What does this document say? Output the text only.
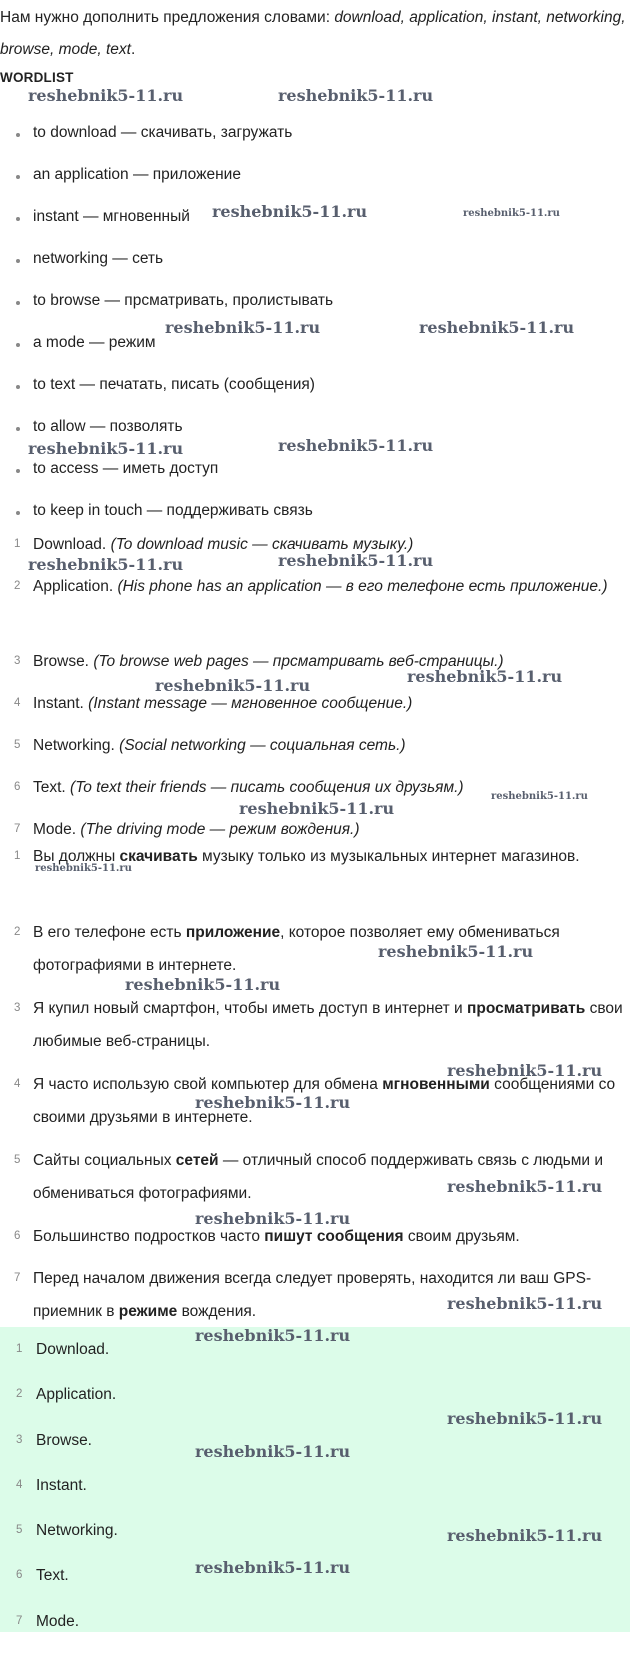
Нам нужно дополнить предложения словами: download, application, instant, networking, browse, mode, text.
WORDLIST
to download — скачивать, загружать
an application — приложение
instant — мгновенный
networking — сеть
to browse — прсматривать, пролистывать
a mode — режим
to text — печатать, писать (сообщения)
to allow — позволять
to access — иметь доступ
to keep in touch — поддерживать связь
1 Download. (To download music — скачивать музыку.)
2 Application. (His phone has an application — в его телефоне есть приложение.)
3 Browse. (To browse web pages — прсматривать веб-страницы.)
4 Instant. (Instant message — мгновенное сообщение.)
5 Networking. (Social networking — социальная сеть.)
6 Text. (To text their friends — писать сообщения их друзьям.)
7 Mode. (The driving mode — режим вождения.)
1 Вы должны скачивать музыку только из музыкальных интернет магазинов.
2 В его телефоне есть приложение, которое позволяет ему обмениваться фотографиями в интернете.
3 Я купил новый смартфон, чтобы иметь доступ в интернет и просматривать свои любимые веб-страницы.
4 Я часто использую свой компьютер для обмена мгновенными сообщениями со своими друзьями в интернете.
5 Сайты социальных сетей — отличный способ поддерживать связь с людьми и обмениваться фотографиями.
6 Большинство подростков часто пишут сообщения своим друзьям.
7 Перед началом движения всегда следует проверять, находится ли ваш GPS-приемник в режиме вождения.
1 Download.
2 Application.
3 Browse.
4 Instant.
5 Networking.
6 Text.
7 Mode.
reshebnik5-11.ru	reshebnik5-11.ru
reshebnik5-11.ru	reshebnik5-11.ru
reshebnik5-11.ru	reshebnik5-11.ru
reshebnik5-11.ru	reshebnik5-11.ru
reshebnik5-11.ru	reshebnik5-11.ru
reshebnik5-11.ru	reshebnik5-11.ru
reshebnik5-11.ru
reshebnik5-11.ru
reshebnik5-11.ru
reshebnik5-11.ru
reshebnik5-11.ru
reshebnik5-11.ru
reshebnik5-11.ru
reshebnik5-11.ru
reshebnik5-11.ru
reshebnik5-11.ru
reshebnik5-11.ru
reshebnik5-11.ru
reshebnik5-11.ru
reshebnik5-11.ru
reshebnik5-11.ru
